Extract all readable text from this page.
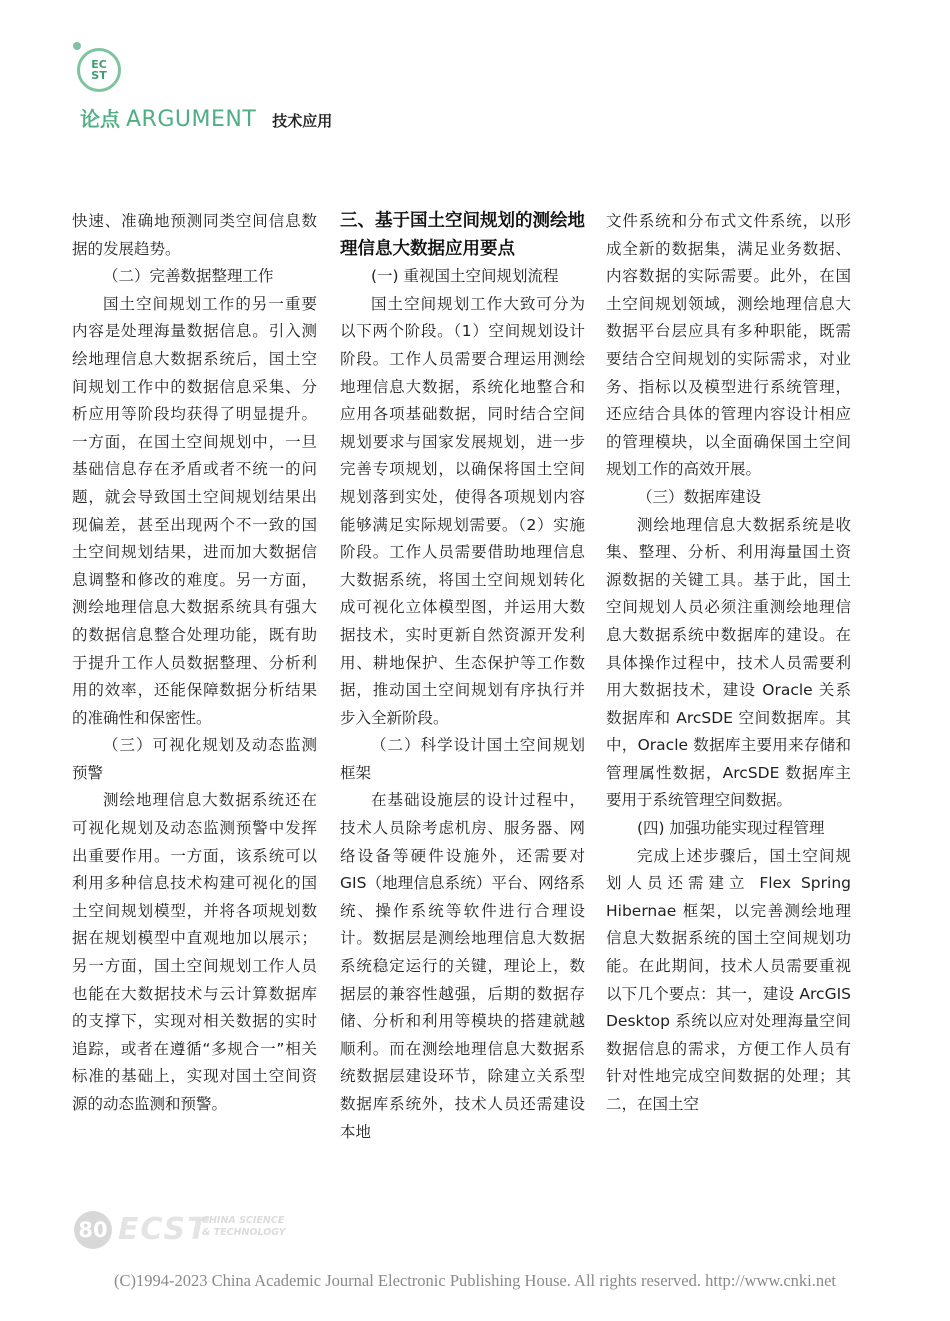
EC
ST
论点 ARGUMENT 技术应用

快速、准确地预测同类空间信息数据的发展趋势。

（二）完善数据整理工作

国土空间规划工作的另一重要内容是处理海量数据信息。引入测绘地理信息大数据系统后，国土空间规划工作中的数据信息采集、分析应用等阶段均获得了明显提升。一方面，在国土空间规划中，一旦基础信息存在矛盾或者不统一的问题，就会导致国土空间规划结果出现偏差，甚至出现两个不一致的国土空间规划结果，进而加大数据信息调整和修改的难度。另一方面，测绘地理信息大数据系统具有强大的数据信息整合处理功能，既有助于提升工作人员数据整理、分析利用的效率，还能保障数据分析结果的准确性和保密性。

（三）可视化规划及动态监测预警

测绘地理信息大数据系统还在可视化规划及动态监测预警中发挥出重要作用。一方面，该系统可以利用多种信息技术构建可视化的国土空间规划模型，并将各项规划数据在规划模型中直观地加以展示；另一方面，国土空间规划工作人员也能在大数据技术与云计算数据库的支撑下，实现对相关数据的实时追踪，或者在遵循“多规合一”相关标准的基础上，实现对国土空间资源的动态监测和预警。

三、基于国土空间规划的测绘地理信息大数据应用要点

(一) 重视国土空间规划流程

国土空间规划工作大致可分为以下两个阶段。（1）空间规划设计阶段。工作人员需要合理运用测绘地理信息大数据，系统化地整合和应用各项基础数据，同时结合空间规划要求与国家发展规划，进一步完善专项规划，以确保将国土空间规划落到实处，使得各项规划内容能够满足实际规划需要。（2）实施阶段。工作人员需要借助地理信息大数据系统，将国土空间规划转化成可视化立体模型图，并运用大数据技术，实时更新自然资源开发利用、耕地保护、生态保护等工作数据，推动国土空间规划有序执行并步入全新阶段。

（二）科学设计国土空间规划框架

在基础设施层的设计过程中，技术人员除考虑机房、服务器、网络设备等硬件设施外，还需要对 GIS（地理信息系统）平台、网络系统、操作系统等软件进行合理设计。数据层是测绘地理信息大数据系统稳定运行的关键，理论上，数据层的兼容性越强，后期的数据存储、分析和利用等模块的搭建就越顺利。而在测绘地理信息大数据系统数据层建设环节，除建立关系型数据库系统外，技术人员还需建设本地

文件系统和分布式文件系统，以形成全新的数据集，满足业务数据、内容数据的实际需要。此外，在国土空间规划领域，测绘地理信息大数据平台层应具有多种职能，既需要结合空间规划的实际需求，对业务、指标以及模型进行系统管理，还应结合具体的管理内容设计相应的管理模块，以全面确保国土空间规划工作的高效开展。

（三）数据库建设

测绘地理信息大数据系统是收集、整理、分析、利用海量国土资源数据的关键工具。基于此，国土空间规划人员必须注重测绘地理信息大数据系统中数据库的建设。在具体操作过程中，技术人员需要利用大数据技术，建设 Oracle 关系数据库和 ArcSDE 空间数据库。其中，Oracle 数据库主要用来存储和管理属性数据，ArcSDE 数据库主要用于系统管理空间数据。

(四) 加强功能实现过程管理

完成上述步骤后，国土空间规划人员还需建立 Flex Spring Hibernae 框架，以完善测绘地理信息大数据系统的国土空间规划功能。在此期间，技术人员需要重视以下几个要点：其一，建设 ArcGIS Desktop 系统以应对处理海量空间数据信息的需求，方便工作人员有针对性地完成空间数据的处理；其二，在国土空

80 ECST
CHINA SCIENCE
& TECHNOLOGY
(C)1994-2023 China Academic Journal Electronic Publishing House. All rights reserved. http://www.cnki.net
